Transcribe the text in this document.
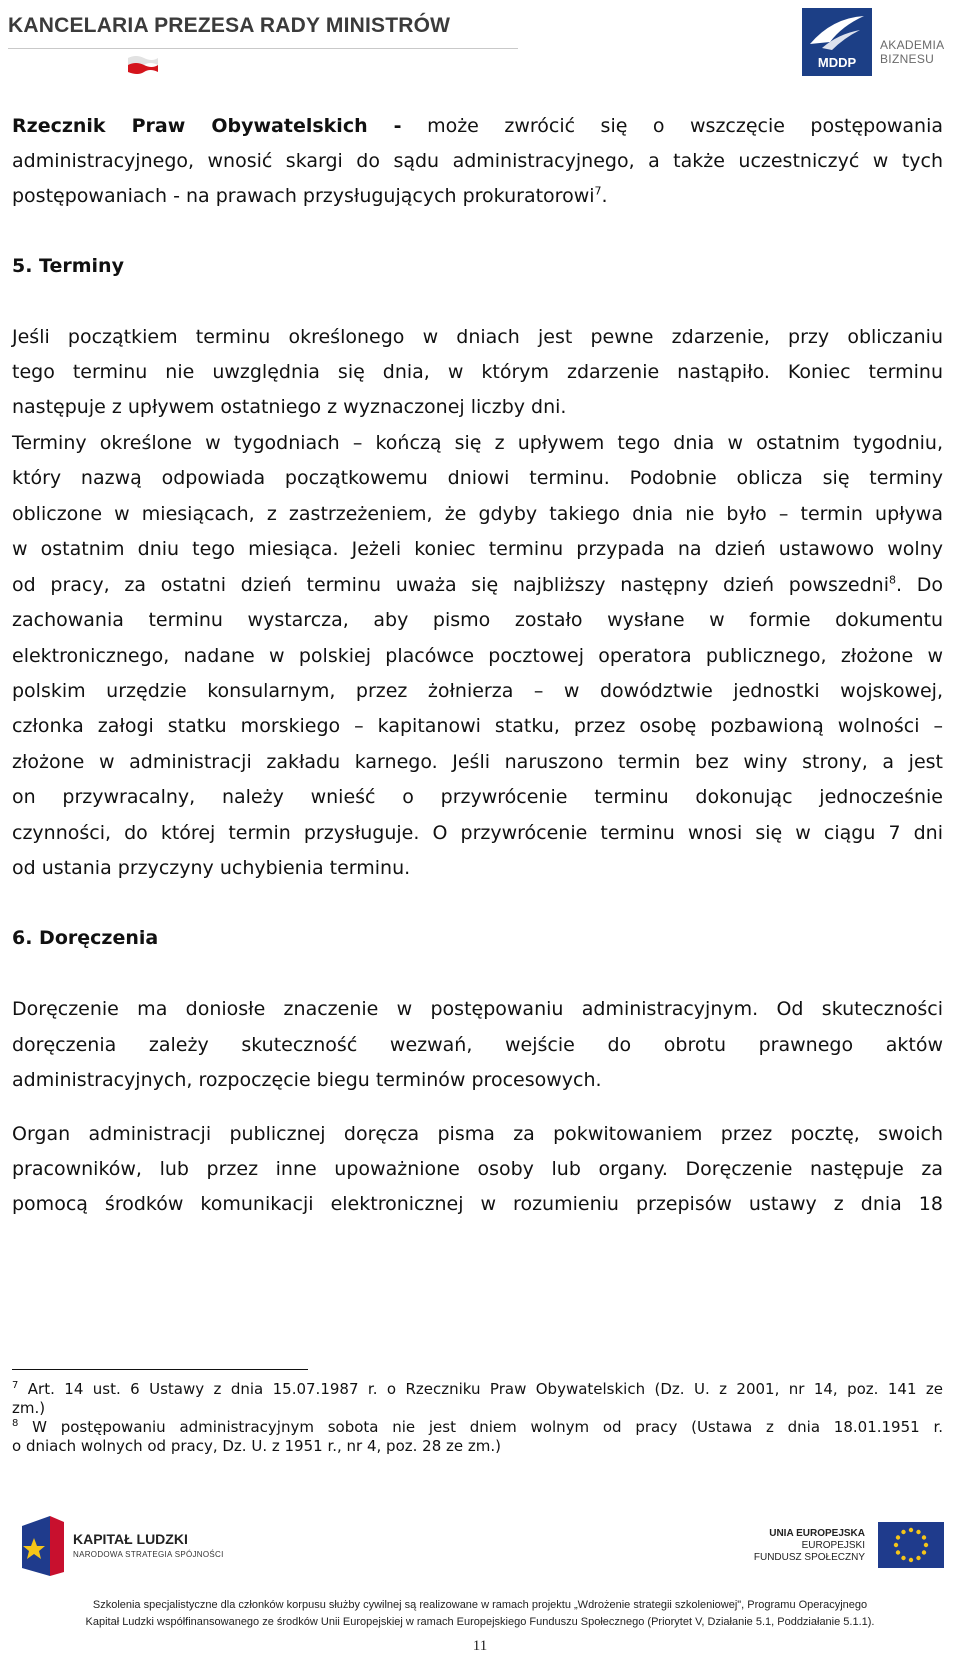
KANCELARIA PREZESA RADY MINISTRÓW
MDDP
AKADEMIA
BIZNESU
Rzecznik Praw Obywatelskich - może zwrócić się o wszczęcie postępowania
administracyjnego, wnosić skargi do sądu administracyjnego, a także uczestniczyć w tych
postępowaniach - na prawach przysługujących prokuratorowi$^7$.
5. Terminy
Jeśli początkiem terminu określonego w dniach jest pewne zdarzenie, przy obliczaniu
tego terminu nie uwzględnia się dnia, w którym zdarzenie nastąpiło. Koniec terminu
następuje z upływem ostatniego z wyznaczonej liczby dni.
Terminy określone w tygodniach – kończą się z upływem tego dnia w ostatnim tygodniu,
który nazwą odpowiada początkowemu dniowi terminu. Podobnie oblicza się terminy
obliczone w miesiącach, z zastrzeżeniem, że gdyby takiego dnia nie było – termin upływa
w ostatnim dniu tego miesiąca. Jeżeli koniec terminu przypada na dzień ustawowo wolny
od pracy, za ostatni dzień terminu uważa się najbliższy następny dzień powszedni$^8$. Do
zachowania terminu wystarcza, aby pismo zostało wysłane w formie dokumentu
elektronicznego, nadane w polskiej placówce pocztowej operatora publicznego, złożone w
polskim urzędzie konsularnym, przez żołnierza – w dowództwie jednostki wojskowej,
członka załogi statku morskiego – kapitanowi statku, przez osobę pozbawioną wolności –
złożone w administracji zakładu karnego. Jeśli naruszono termin bez winy strony, a jest
on przywracalny, należy wnieść o przywrócenie terminu dokonując jednocześnie
czynności, do której termin przysługuje. O przywrócenie terminu wnosi się w ciągu 7 dni
od ustania przyczyny uchybienia terminu.
6. Doręczenia
Doręczenie ma doniosłe znaczenie w postępowaniu administracyjnym. Od skuteczności
doręczenia zależy skuteczność wezwań, wejście do obrotu prawnego aktów
administracyjnych, rozpoczęcie biegu terminów procesowych.
Organ administracji publicznej doręcza pisma za pokwitowaniem przez pocztę, swoich
pracowników, lub przez inne upoważnione osoby lub organy. Doręczenie następuje za
pomocą środków komunikacji elektronicznej w rozumieniu przepisów ustawy z dnia 18
$^7$ Art. 14 ust. 6 Ustawy z dnia 15.07.1987 r. o Rzeczniku Praw Obywatelskich (Dz. U. z 2001, nr 14, poz. 141 ze
zm.)
$^8$ W postępowaniu administracyjnym sobota nie jest dniem wolnym od pracy (Ustawa z dnia 18.01.1951 r.
o dniach wolnych od pracy, Dz. U. z 1951 r., nr 4, poz. 28 ze zm.)
KAPITAŁ LUDZKI
NARODOWA STRATEGIA SPÓJNOŚCI
UNIA EUROPEJSKA
EUROPEJSKI
FUNDUSZ SPOŁECZNY
Szkolenia specjalistyczne dla członków korpusu służby cywilnej są realizowane w ramach projektu „Wdrożenie strategii szkoleniowej", Programu Operacyjnego
Kapitał Ludzki współfinansowanego ze środków Unii Europejskiej w ramach Europejskiego Funduszu Społecznego (Priorytet V, Działanie 5.1, Poddziałanie 5.1.1).
11
